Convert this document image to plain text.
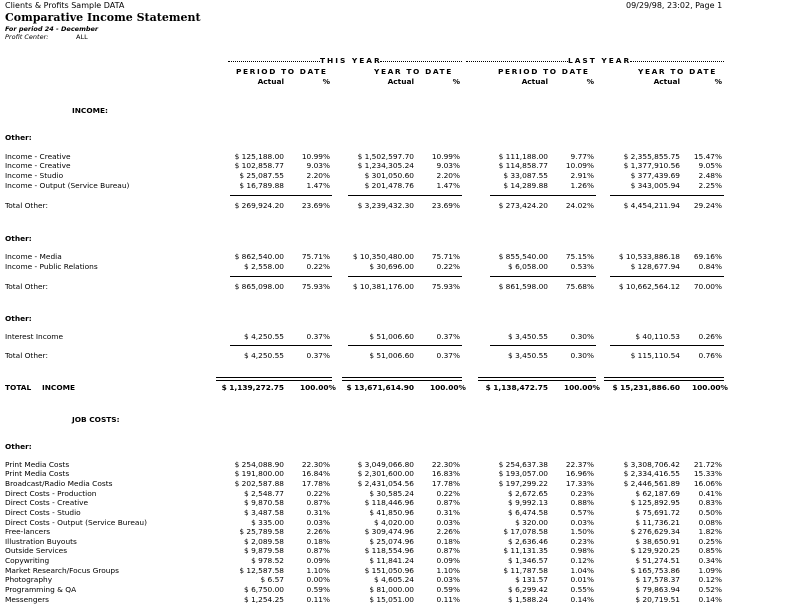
Clients & Profits Sample DATA
Comparative Income Statement
For period 24 - December
Profit Center:	ALL
09/29/98, 23:02, Page 1
THIS YEAR	LAST YEAR
PERIOD TO DATE	YEAR TO DATE	PERIOD TO DATE	YEAR TO DATE
Actual	%	Actual	%	Actual	%	Actual	%
INCOME:
Other:
Income - Creative	$ 125,188.00 10.99%	$ 1,502,597.70 10.99%	$ 111,188.00	9.77%	$ 2,355,855.75 15.47%
Income - Creative	$ 102,858.77	9.03%	$ 1,234,305.24	9.03%	$ 114,858.77 10.09%	$ 1,377,910.56	9.05%
Income - Studio	$ 25,087.55	2.20%	$ 301,050.60	2.20%	$ 33,087.55	2.91%	$ 377,439.69	2.48%
Income - Output (Service Bureau)	$ 16,789.88	1.47%	$ 201,478.76	1.47%	$ 14,289.88	1.26%	$ 343,005.94	2.25%
Total Other:	$ 269,924.20 23.69%	$ 3,239,432.30 23.69%	$ 273,424.20 24.02%	$ 4,454,211.94 29.24%
Other:
Income - Media	$ 862,540.00 75.71%	$ 10,350,480.00 75.71%	$ 855,540.00 75.15%	$ 10,533,886.18 69.16%
Income - Public Relations	$ 2,558.00	0.22%	$ 30,696.00	0.22%	$ 6,058.00	0.53%	$ 128,677.94	0.84%
Total Other:	$ 865,098.00 75.93%	$ 10,381,176.00 75.93%	$ 861,598.00 75.68%	$ 10,662,564.12 70.00%
Other:
Interest Income	$ 4,250.55	0.37%	$ 51,006.60	0.37%	$ 3,450.55	0.30%	$ 40,110.53	0.26%
Total Other:	$ 4,250.55	0.37%	$ 51,006.60	0.37%	$ 3,450.55	0.30%	$ 115,110.54	0.76%
TOTAL INCOME	$ 1,139,272.75 100.00%	$ 13,671,614.90 100.00%	$ 1,138,472.75 100.00%	$ 15,231,886.60 100.00%
JOB COSTS:
Other:
Print Media Costs	$ 254,088.90 22.30%	$ 3,049,066.80 22.30%	$ 254,637.38 22.37%	$ 3,308,706.42 21.72%
Print Media Costs	$ 191,800.00 16.84%	$ 2,301,600.00 16.83%	$ 193,057.00 16.96%	$ 2,334,416.55 15.33%
Broadcast/Radio Media Costs	$ 202,587.88 17.78%	$ 2,431,054.56 17.78%	$ 197,299.22 17.33%	$ 2,446,561.89 16.06%
Direct Costs - Production	$ 2,548.77	0.22%	$ 30,585.24	0.22%	$ 2,672.65	0.23%	$ 62,187.69	0.41%
Direct Costs - Creative	$ 9,870.58	0.87%	$ 118,446.96	0.87%	$ 9,992.13	0.88%	$ 125,892.95	0.83%
Direct Costs - Studio	$ 3,487.58	0.31%	$ 41,850.96	0.31%	$ 6,474.58	0.57%	$ 75,691.72	0.50%
Direct Costs - Output (Service Bureau)	$ 335.00	0.03%	$ 4,020.00	0.03%	$ 320.00	0.03%	$ 11,736.21	0.08%
Free-lancers	$ 25,789.58	2.26%	$ 309,474.96	2.26%	$ 17,078.58	1.50%	$ 276,629.34	1.82%
Illustration Buyouts	$ 2,089.58	0.18%	$ 25,074.96	0.18%	$ 2,636.46	0.23%	$ 38,650.91	0.25%
Outside Services	$ 9,879.58	0.87%	$ 118,554.96	0.87%	$ 11,131.35	0.98%	$ 129,920.25	0.85%
Copywriting	$ 978.52	0.09%	$ 11,841.24	0.09%	$ 1,346.57	0.12%	$ 51,274.51	0.34%
Market Research/Focus Groups	$ 12,587.58	1.10%	$ 151,050.96	1.10%	$ 11,787.58	1.04%	$ 165,753.86	1.09%
Photography	$ 6.57	0.00%	$ 4,605.24	0.03%	$ 131.57	0.01%	$ 17,578.37	0.12%
Programming & QA	$ 6,750.00	0.59%	$ 81,000.00	0.59%	$ 6,299.42	0.55%	$ 79,863.94	0.52%
Messengers	$ 1,254.25	0.11%	$ 15,051.00	0.11%	$ 1,588.24	0.14%	$ 20,719.51	0.14%
